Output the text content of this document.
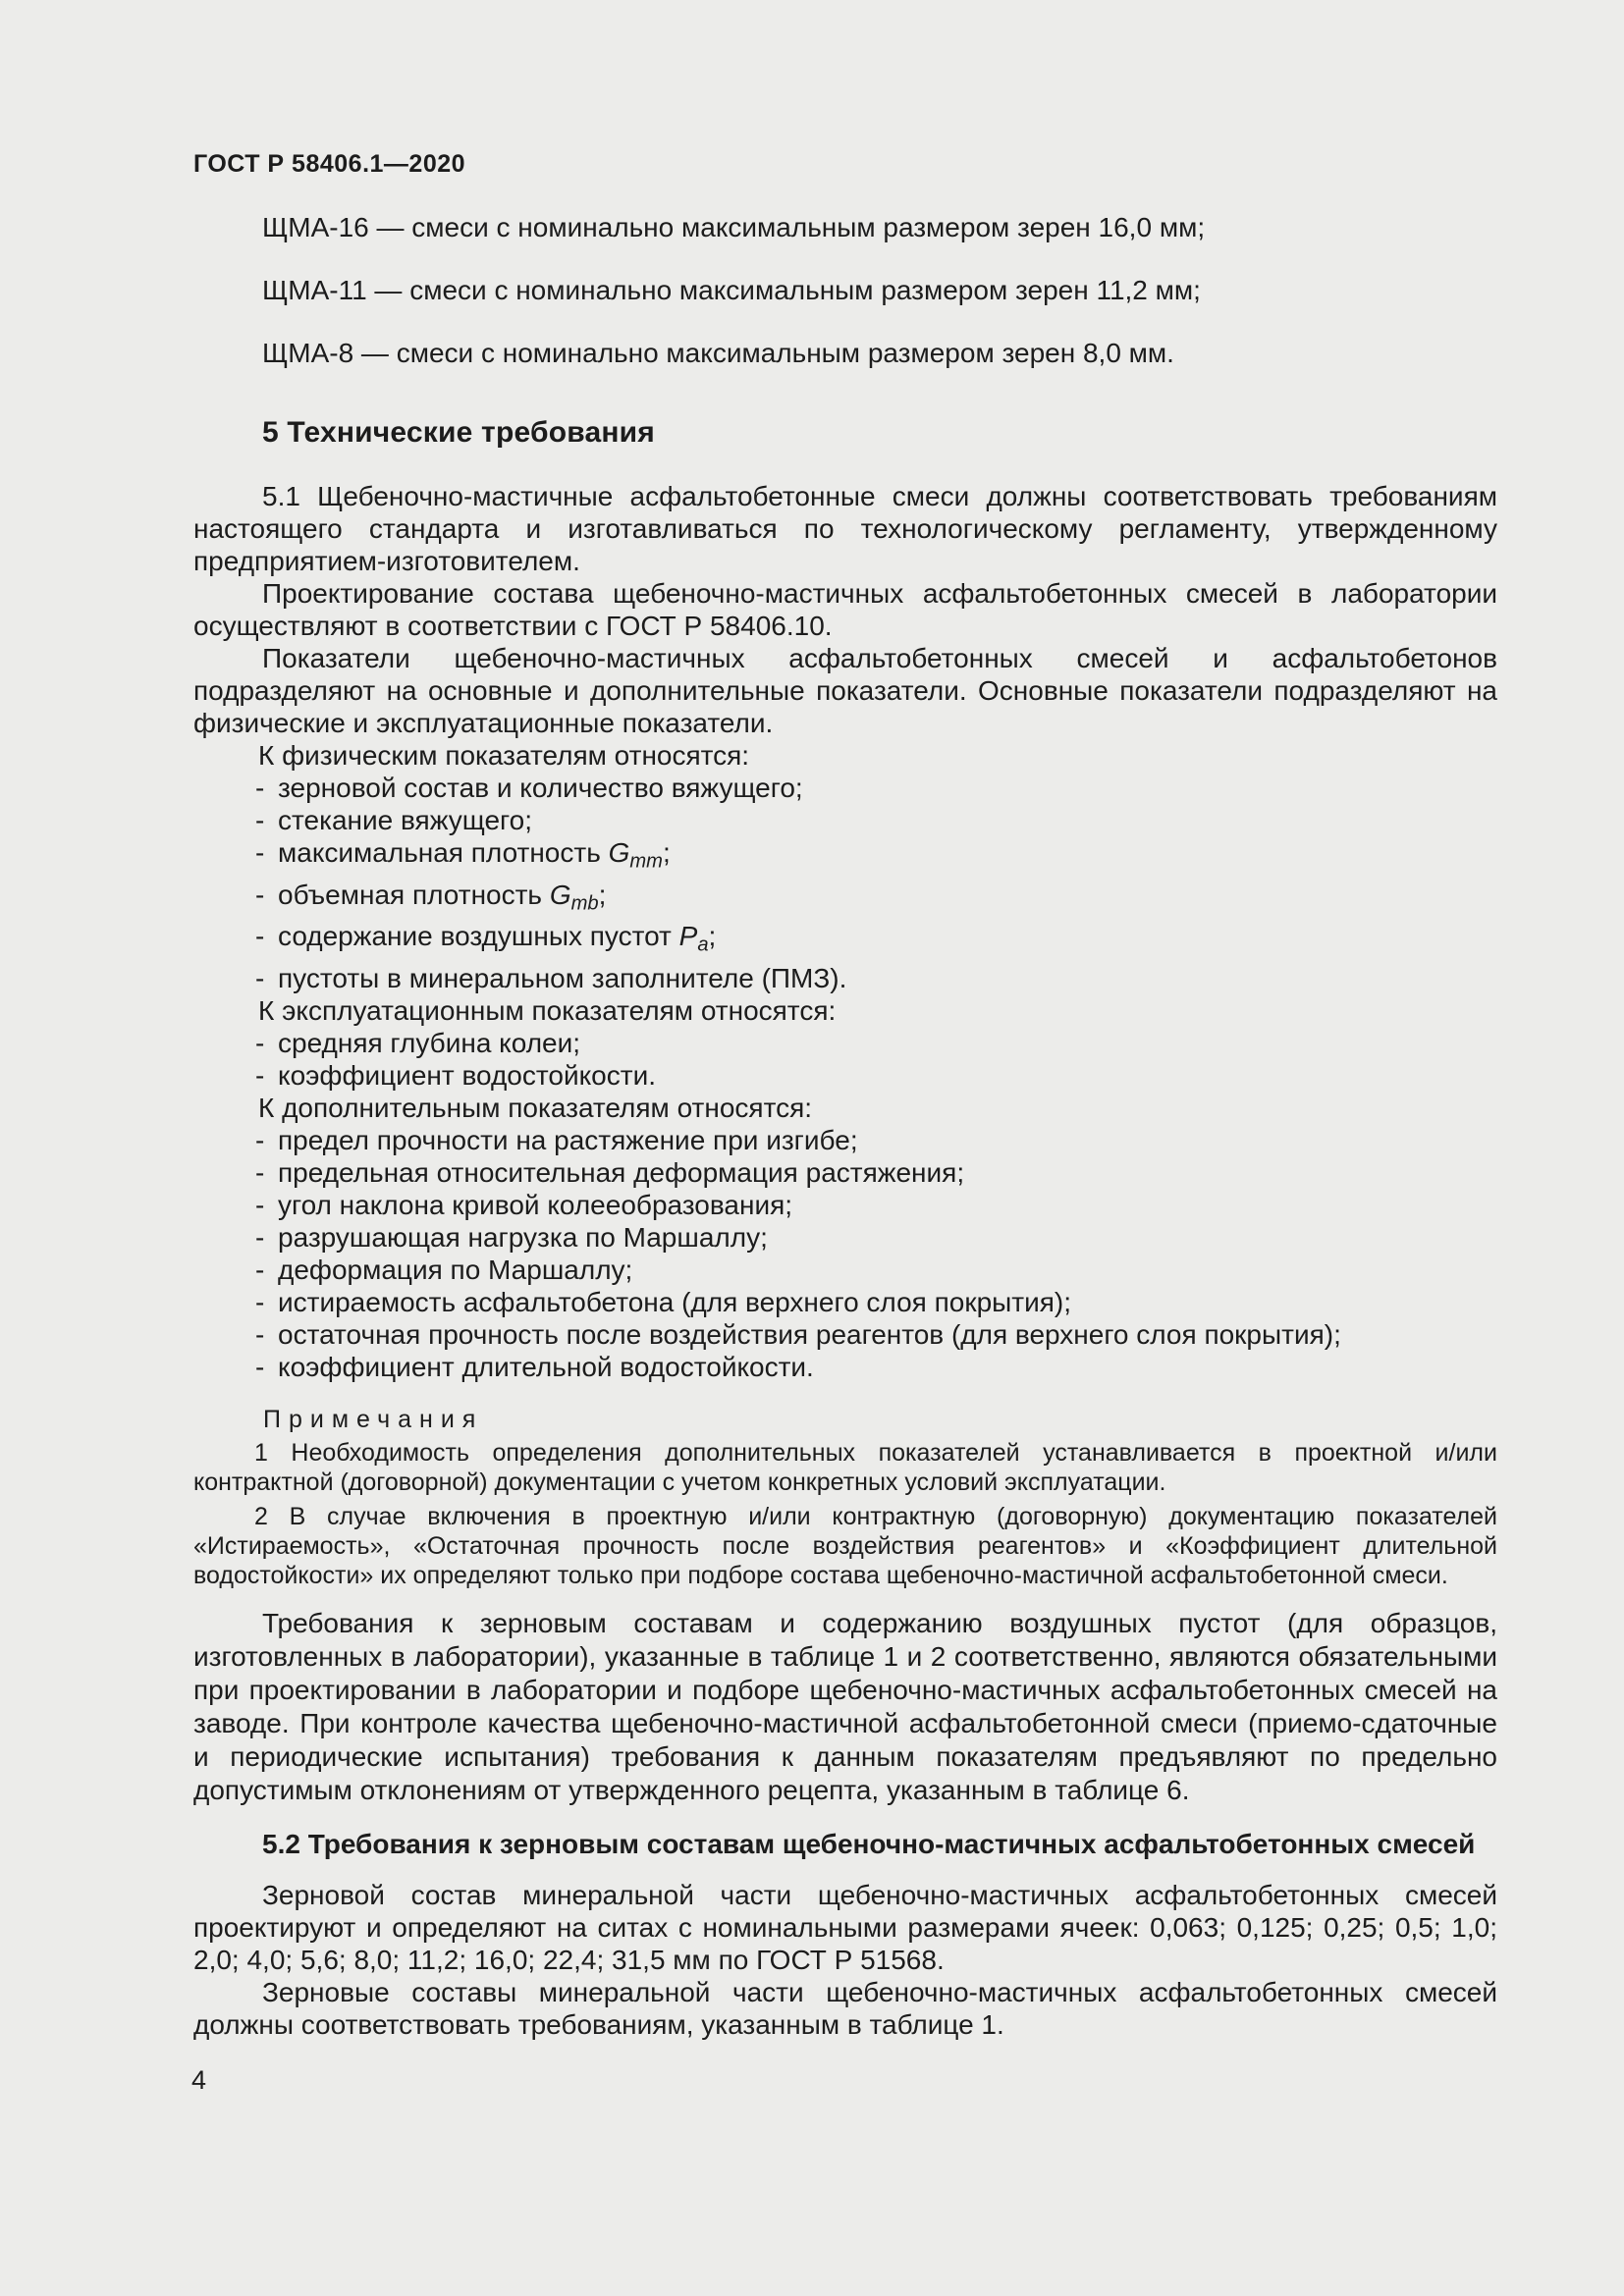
ГОСТ Р 58406.1—2020

ЩМА-16 — смеси с номинально максимальным размером зерен 16,0 мм;

ЩМА-11 — смеси с номинально максимальным размером зерен 11,2 мм;

ЩМА-8 — смеси с номинально максимальным размером зерен 8,0 мм.

5 Технические требования

5.1 Щебеночно-мастичные асфальтобетонные смеси должны соответствовать требованиям настоящего стандарта и изготавливаться по технологическому регламенту, утвержденному предприятием-изготовителем.

Проектирование состава щебеночно-мастичных асфальтобетонных смесей в лаборатории осуществляют в соответствии с ГОСТ Р 58406.10.

Показатели щебеночно-мастичных асфальтобетонных смесей и асфальтобетонов подразделяют на основные и дополнительные показатели. Основные показатели подразделяют на физические и эксплуатационные показатели.

К физическим показателям относятся:
- зерновой состав и количество вяжущего;
- стекание вяжущего;
- максимальная плотность $G_{mm}$;
- объемная плотность $G_{mb}$;
- содержание воздушных пустот $P_a$;
- пустоты в минеральном заполнителе (ПМЗ).
К эксплуатационным показателям относятся:
- средняя глубина колеи;
- коэффициент водостойкости.
К дополнительным показателям относятся:
- предел прочности на растяжение при изгибе;
- предельная относительная деформация растяжения;
- угол наклона кривой колееобразования;
- разрушающая нагрузка по Маршаллу;
- деформация по Маршаллу;
- истираемость асфальтобетона (для верхнего слоя покрытия);
- остаточная прочность после воздействия реагентов (для верхнего слоя покрытия);
- коэффициент длительной водостойкости.
Примечания

1 Необходимость определения дополнительных показателей устанавливается в проектной и/или контрактной (договорной) документации с учетом конкретных условий эксплуатации.

2 В случае включения в проектную и/или контрактную (договорную) документацию показателей «Истираемость», «Остаточная прочность после воздействия реагентов» и «Коэффициент длительной водостойкости» их определяют только при подборе состава щебеночно-мастичной асфальтобетонной смеси.

Требования к зерновым составам и содержанию воздушных пустот (для образцов, изготовленных в лаборатории), указанные в таблице 1 и 2 соответственно, являются обязательными при проектировании в лаборатории и подборе щебеночно-мастичных асфальтобетонных смесей на заводе. При контроле качества щебеночно-мастичной асфальтобетонной смеси (приемо-сдаточные и периодические испытания) требования к данным показателям предъявляют по предельно допустимым отклонениям от утвержденного рецепта, указанным в таблице 6.

5.2 Требования к зерновым составам щебеночно-мастичных асфальтобетонных смесей

Зерновой состав минеральной части щебеночно-мастичных асфальтобетонных смесей проектируют и определяют на ситах с номинальными размерами ячеек: 0,063; 0,125; 0,25; 0,5; 1,0; 2,0; 4,0; 5,6; 8,0; 11,2; 16,0; 22,4; 31,5 мм по ГОСТ Р 51568.

Зерновые составы минеральной части щебеночно-мастичных асфальтобетонных смесей должны соответствовать требованиям, указанным в таблице 1.

4
